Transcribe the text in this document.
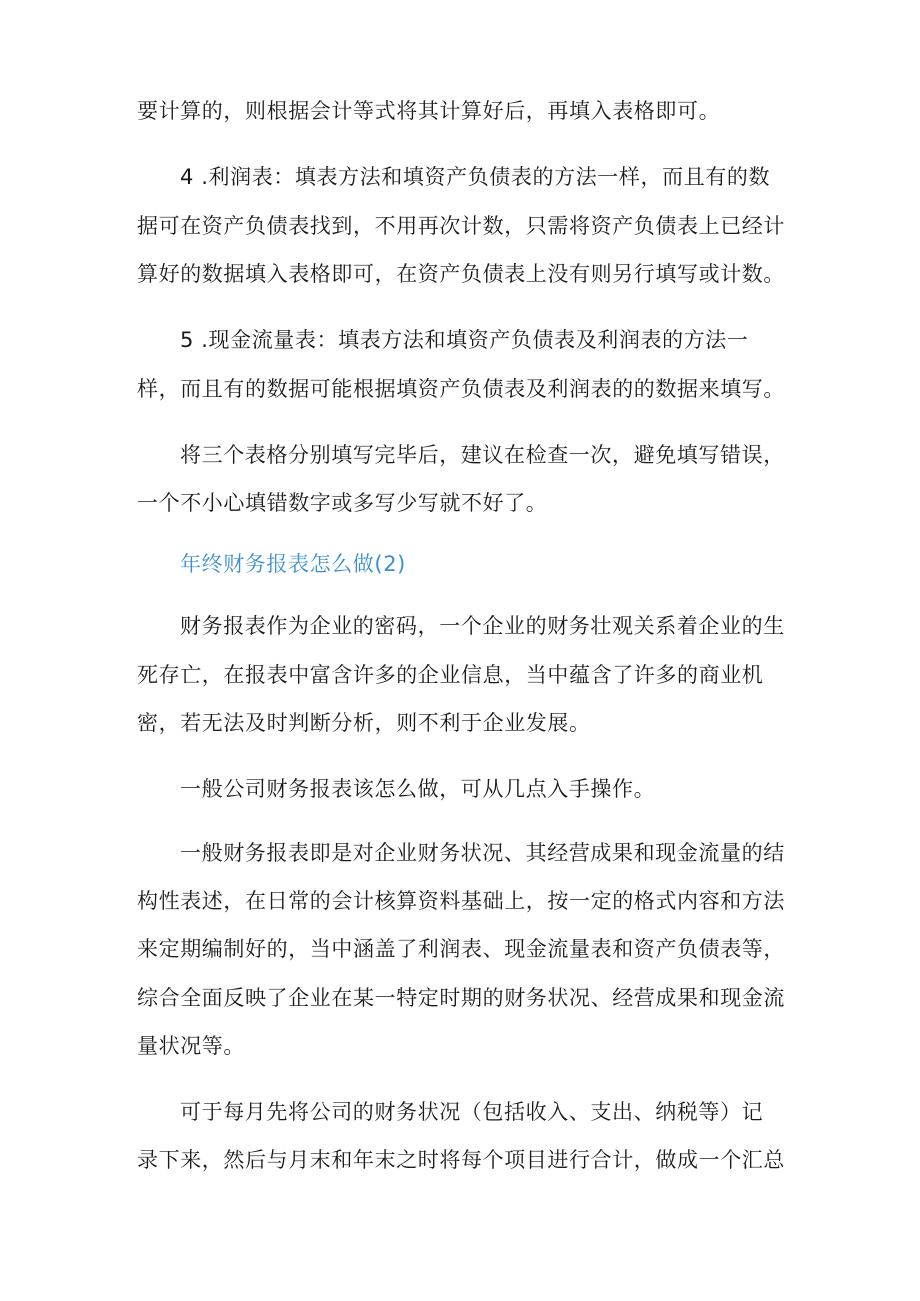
要计算的，则根据会计等式将其计算好后，再填入表格即可。
4 .利润表：填表方法和填资产负债表的方法一样，而且有的数
据可在资产负债表找到，不用再次计数，只需将资产负债表上已经计
算好的数据填入表格即可，在资产负债表上没有则另行填写或计数。
5 .现金流量表：填表方法和填资产负债表及利润表的方法一
样，而且有的数据可能根据填资产负债表及利润表的的数据来填写。
将三个表格分别填写完毕后，建议在检查一次，避免填写错误，
一个不小心填错数字或多写少写就不好了。
年终财务报表怎么做(2)
财务报表作为企业的密码，一个企业的财务壮观关系着企业的生
死存亡，在报表中富含许多的企业信息，当中蕴含了许多的商业机
密，若无法及时判断分析，则不利于企业发展。
一般公司财务报表该怎么做，可从几点入手操作。
一般财务报表即是对企业财务状况、其经营成果和现金流量的结
构性表述，在日常的会计核算资料基础上，按一定的格式内容和方法
来定期编制好的，当中涵盖了利润表、现金流量表和资产负债表等，
综合全面反映了企业在某一特定时期的财务状况、经营成果和现金流
量状况等。
可于每月先将公司的财务状况（包括收入、支出、纳税等）记
录下来，然后与月末和年末之时将每个项目进行合计，做成一个汇总
